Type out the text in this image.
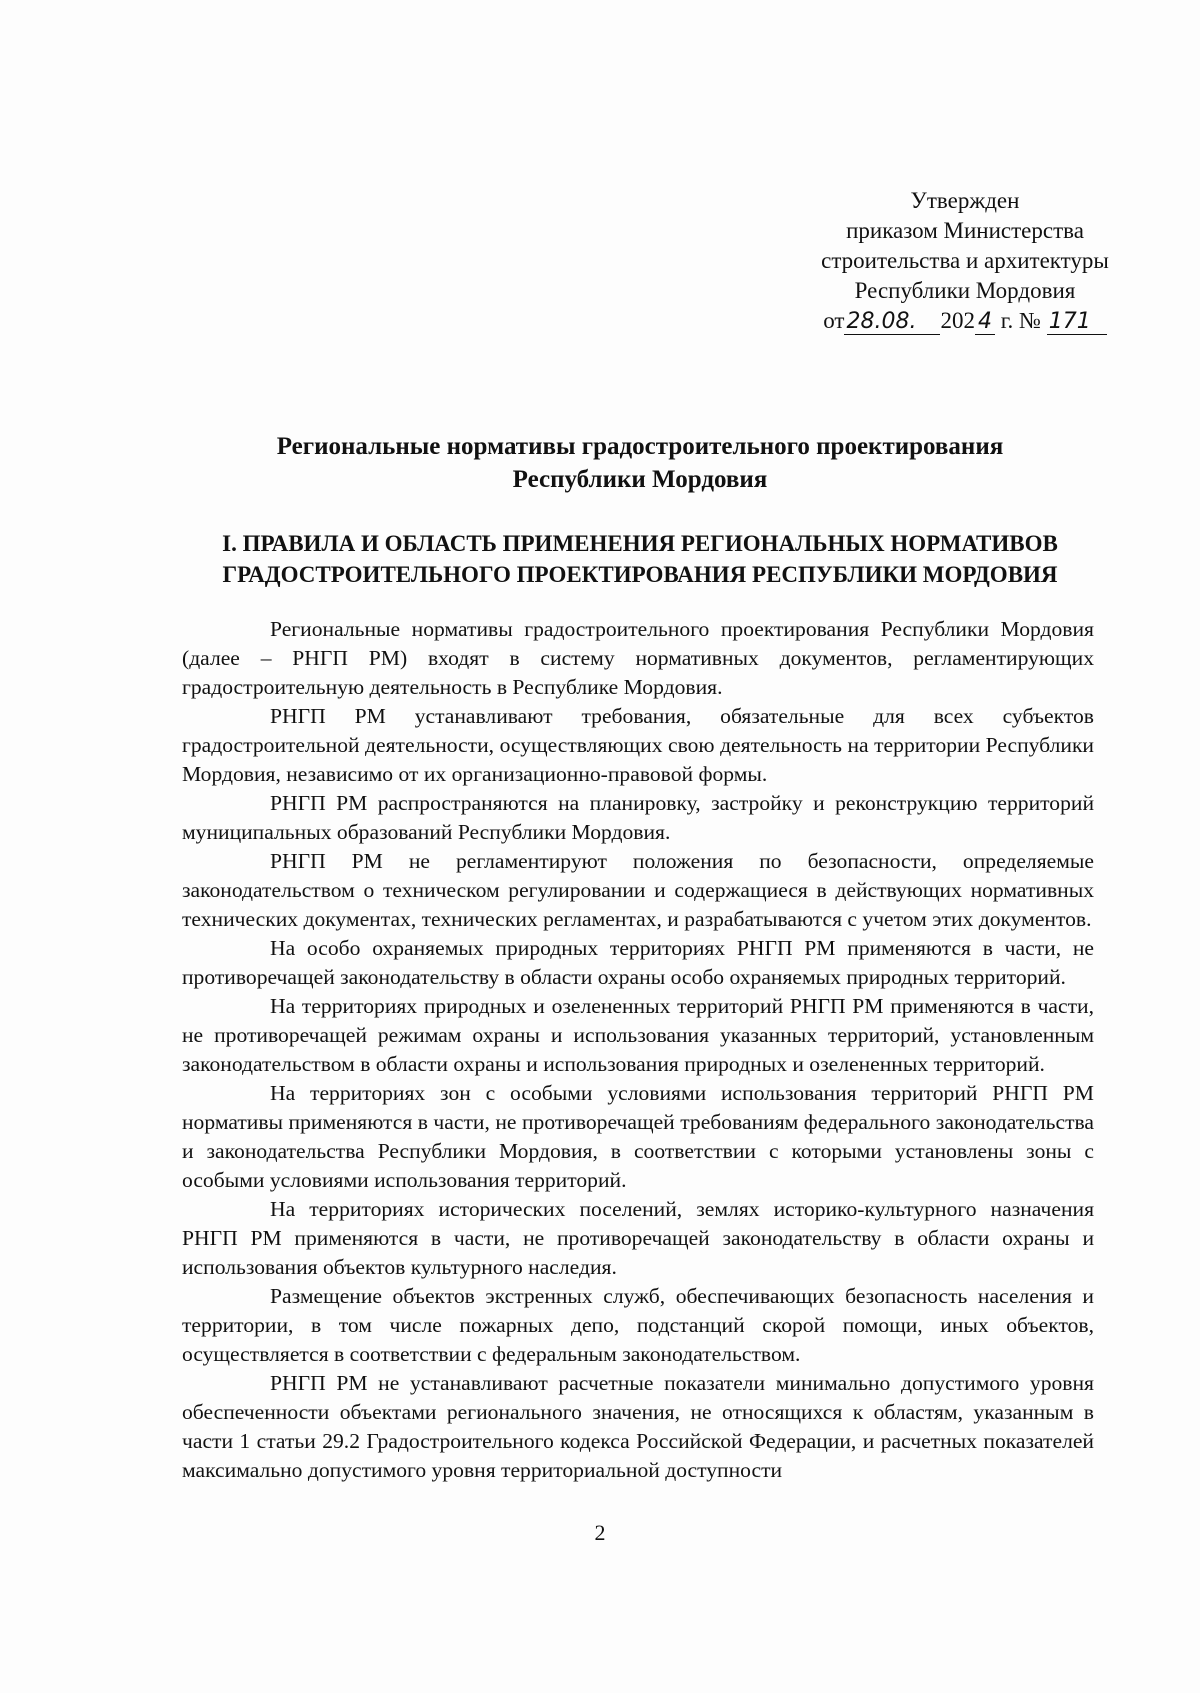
Утвержден
приказом Министерства
строительства и архитектуры
Республики Мордовия
от28.08. 202 4 г. № 171
Региональные нормативы градостроительного проектирования
Республики Мордовия
I. ПРАВИЛА И ОБЛАСТЬ ПРИМЕНЕНИЯ РЕГИОНАЛЬНЫХ НОРМАТИВОВ
ГРАДОСТРОИТЕЛЬНОГО ПРОЕКТИРОВАНИЯ РЕСПУБЛИКИ МОРДОВИЯ

Региональные нормативы градостроительного проектирования Республики Мордовия (далее – РНГП РМ) входят в систему нормативных документов, регламентирующих градостроительную деятельность в Республике Мордовия.

РНГП РМ устанавливают требования, обязательные для всех субъектов градостроительной деятельности, осуществляющих свою деятельность на территории Республики Мордовия, независимо от их организационно-правовой формы.

РНГП РМ распространяются на планировку, застройку и реконструкцию территорий муниципальных образований Республики Мордовия.

РНГП РМ не регламентируют положения по безопасности, определяемые законодательством о техническом регулировании и содержащиеся в действующих нормативных технических документах, технических регламентах, и разрабатываются с учетом этих документов.

На особо охраняемых природных территориях РНГП РМ применяются в части, не противоречащей законодательству в области охраны особо охраняемых природных территорий.

На территориях природных и озелененных территорий РНГП РМ применяются в части, не противоречащей режимам охраны и использования указанных территорий, установленным законодательством в области охраны и использования природных и озелененных территорий.

На территориях зон с особыми условиями использования территорий РНГП РМ нормативы применяются в части, не противоречащей требованиям федерального законодательства и законодательства Республики Мордовия, в соответствии с которыми установлены зоны с особыми условиями использования территорий.

На территориях исторических поселений, землях историко-культурного назначения РНГП РМ применяются в части, не противоречащей законодательству в области охраны и использования объектов культурного наследия.

Размещение объектов экстренных служб, обеспечивающих безопасность населения и территории, в том числе пожарных депо, подстанций скорой помощи, иных объектов, осуществляется в соответствии с федеральным законодательством.

РНГП РМ не устанавливают расчетные показатели минимально допустимого уровня обеспеченности объектами регионального значения, не относящихся к областям, указанным в части 1 статьи 29.2 Градостроительного кодекса Российской Федерации, и расчетных показателей максимально допустимого уровня территориальной доступности

2
